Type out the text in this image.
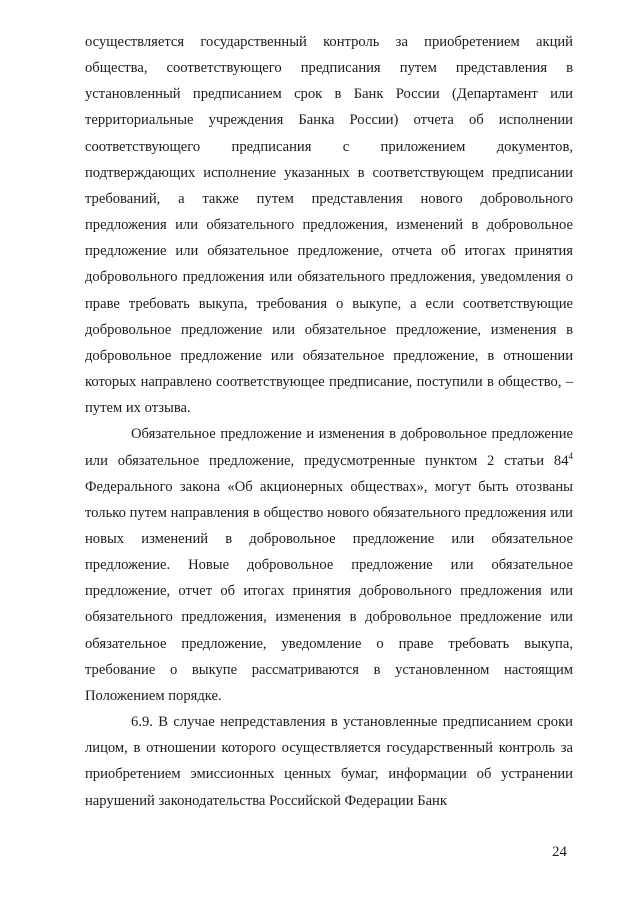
осуществляется государственный контроль за приобретением акций общества, соответствующего предписания путем представления в установленный предписанием срок в Банк России (Департамент или территориальные учреждения Банка России) отчета об исполнении соответствующего предписания с приложением документов, подтверждающих исполнение указанных в соответствующем предписании требований, а также путем представления нового добровольного предложения или обязательного предложения, изменений в добровольное предложение или обязательное предложение, отчета об итогах принятия добровольного предложения или обязательного предложения, уведомления о праве требовать выкупа, требования о выкупе, а если соответствующие добровольное предложение или обязательное предложение, изменения в добровольное предложение или обязательное предложение, в отношении которых направлено соответствующее предписание, поступили в общество, – путем их отзыва.

Обязательное предложение и изменения в добровольное предложение или обязательное предложение, предусмотренные пунктом 2 статьи $84^4$ Федерального закона «Об акционерных обществах», могут быть отозваны только путем направления в общество нового обязательного предложения или новых изменений в добровольное предложение или обязательное предложение. Новые добровольное предложение или обязательное предложение, отчет об итогах принятия добровольного предложения или обязательного предложения, изменения в добровольное предложение или обязательное предложение, уведомление о праве требовать выкупа, требование о выкупе рассматриваются в установленном настоящим Положением порядке.

6.9. В случае непредставления в установленные предписанием сроки лицом, в отношении которого осуществляется государственный контроль за приобретением эмиссионных ценных бумаг, информации об устранении нарушений законодательства Российской Федерации Банк

24
